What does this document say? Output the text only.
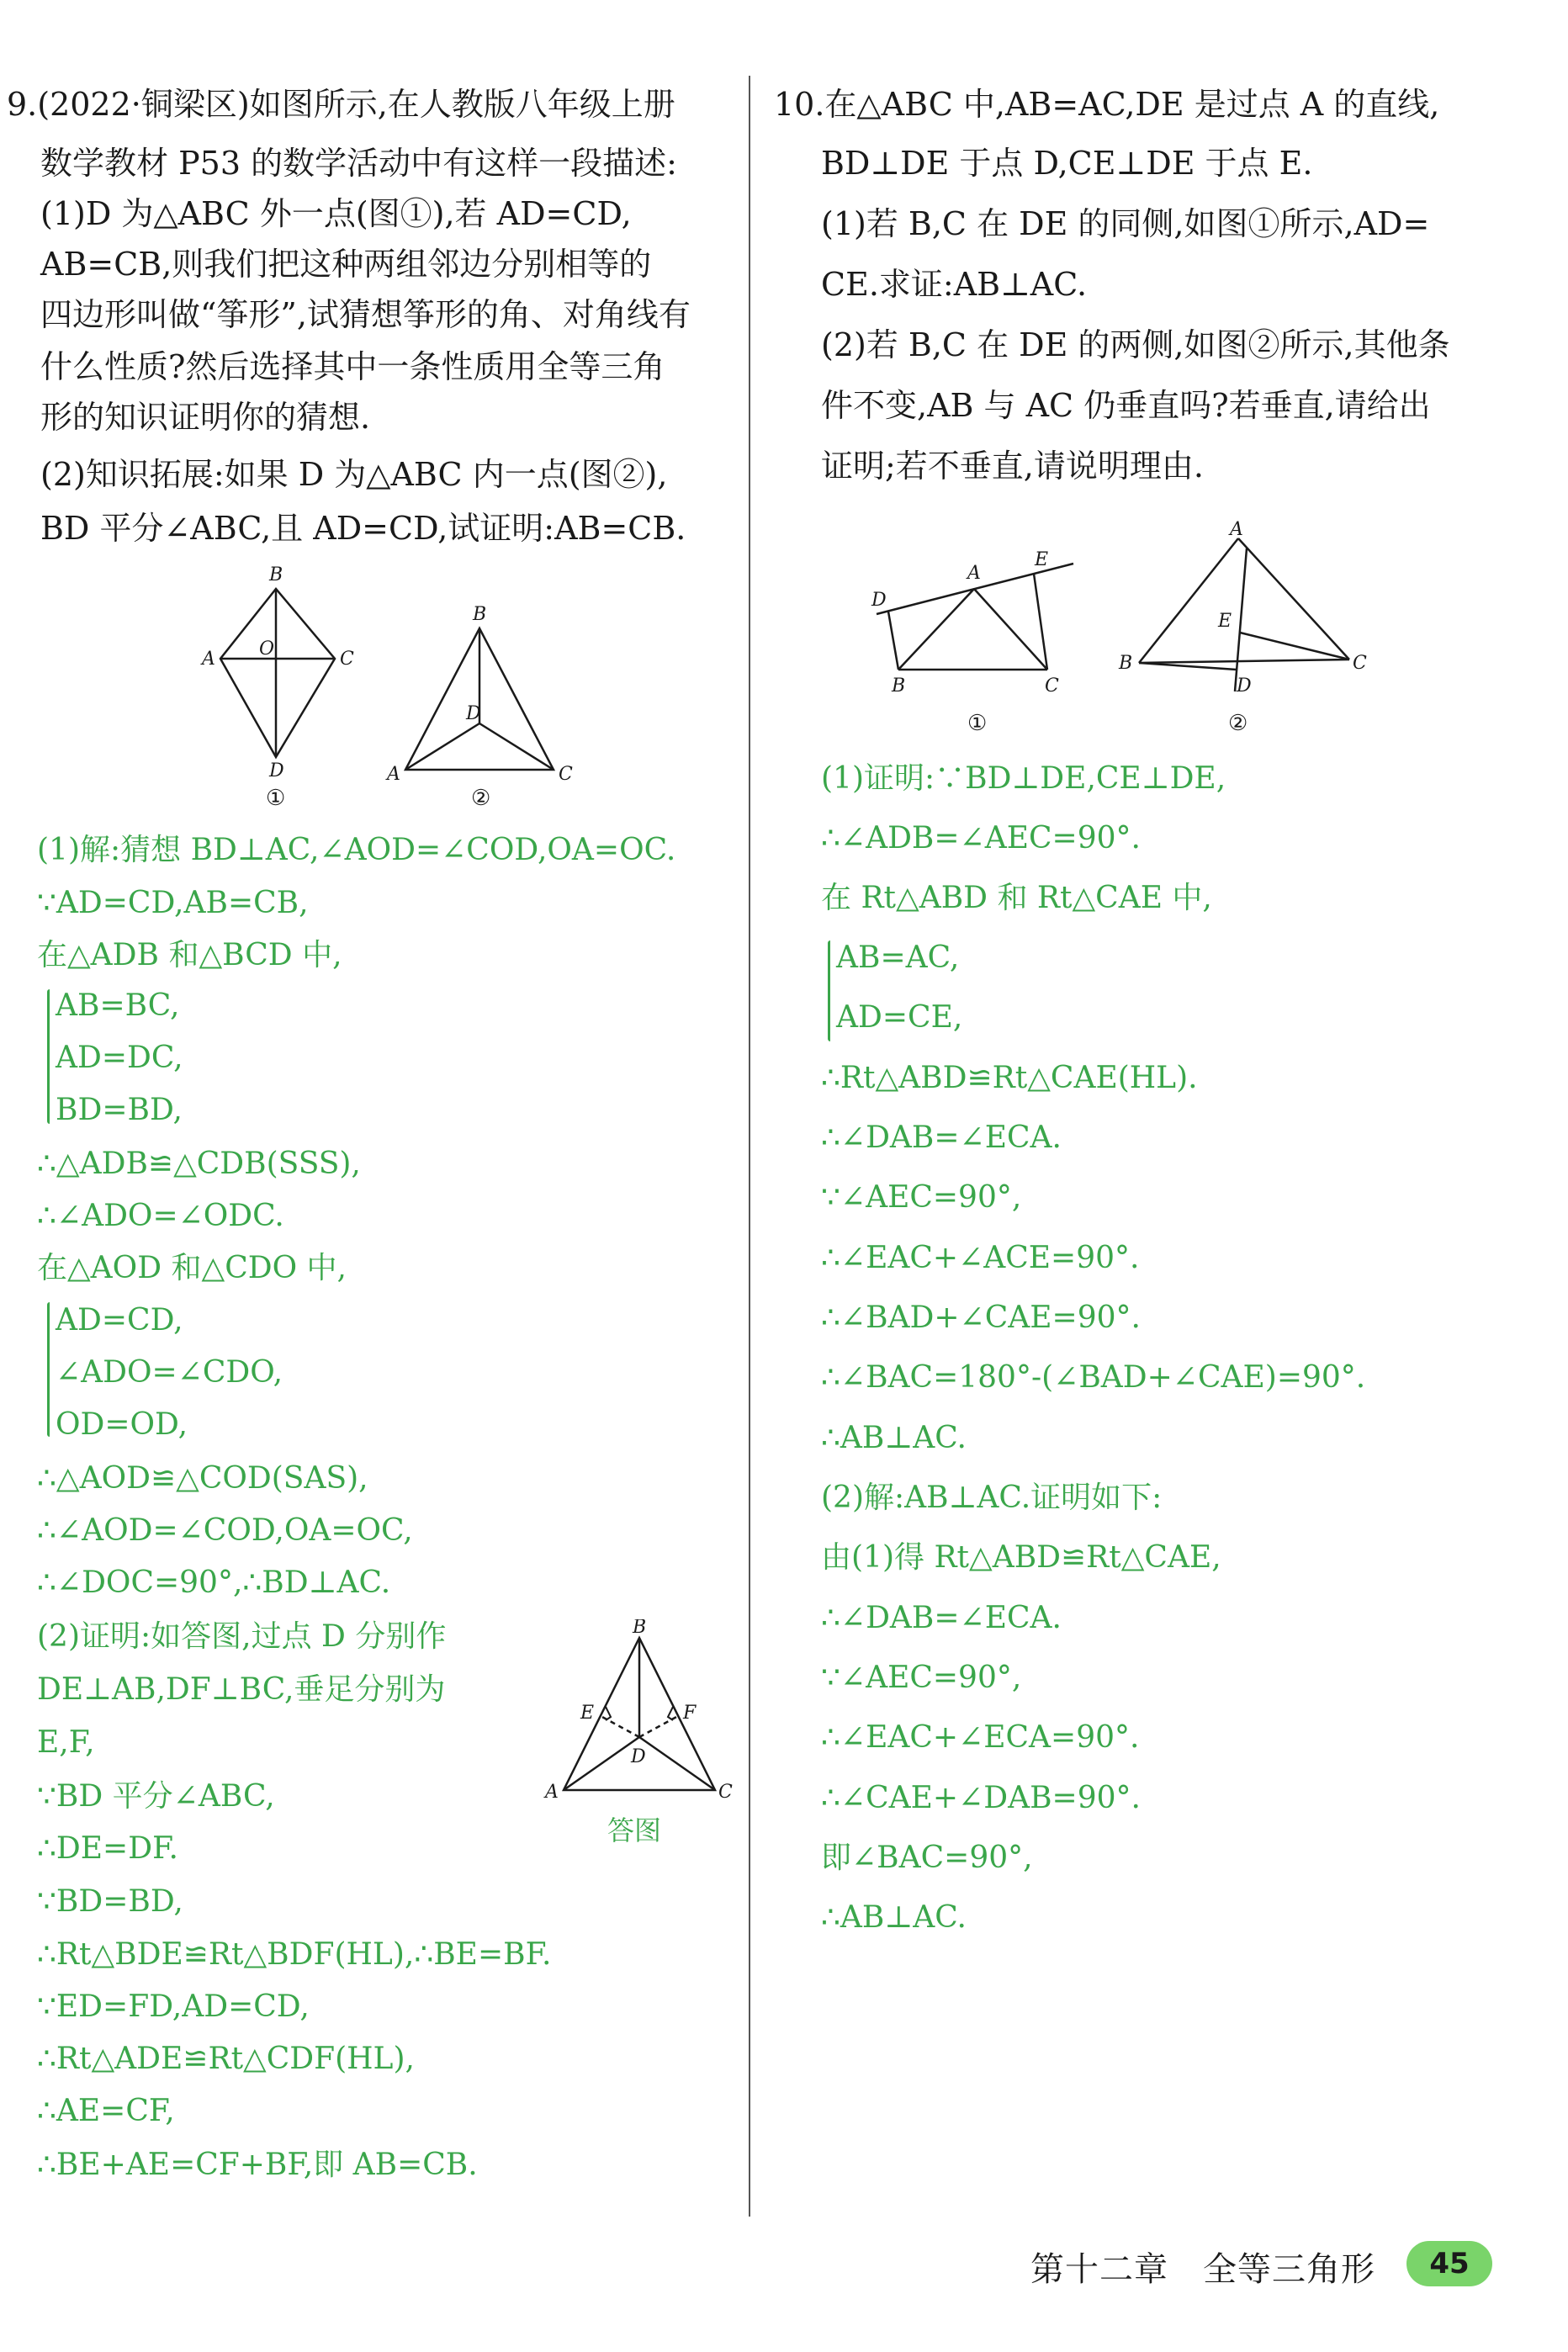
9.(2022·铜梁区)如图所示,在人教版八年级上册
数学教材 P53 的数学活动中有这样一段描述:
(1)D 为△ABC 外一点(图①),若 AD=CD,
AB=CB,则我们把这种两组邻边分别相等的
四边形叫做“筝形”,试猜想筝形的角、对角线有
什么性质?然后选择其中一条性质用全等三角
形的知识证明你的猜想.
(2)知识拓展:如果 D 为△ABC 内一点(图②),
BD 平分∠ABC,且 AD=CD,试证明:AB=CB.
B
A	C
O
D
①
B
D
A	C
②
(1)解:猜想 BD⊥AC,∠AOD=∠COD,OA=OC.
∵AD=CD,AB=CB,
在△ADB 和△BCD 中,
AB=BC,
AD=DC,
BD=BD,
∴△ADB≌△CDB(SSS),
∴∠ADO=∠ODC.
在△AOD 和△CDO 中,
AD=CD,
∠ADO=∠CDO,
OD=OD,
∴△AOD≌△COD(SAS),
∴∠AOD=∠COD,OA=OC,
∴∠DOC=90°,∴BD⊥AC.
(2)证明:如答图,过点 D 分别作
DE⊥AB,DF⊥BC,垂足分别为
E,F,
∵BD 平分∠ABC,
∴DE=DF.
∵BD=BD,
∴Rt△BDE≌Rt△BDF(HL),∴BE=BF.
∵ED=FD,AD=CD,
∴Rt△ADE≌Rt△CDF(HL),
∴AE=CF,
∴BE+AE=CF+BF,即 AB=CB.
B
E	F
D
A	C
答图
10.在△ABC 中,AB=AC,DE 是过点 A 的直线,
BD⊥DE 于点 D,CE⊥DE 于点 E.
(1)若 B,C 在 DE 的同侧,如图①所示,AD=
CE.求证:AB⊥AC.
(2)若 B,C 在 DE 的两侧,如图②所示,其他条
件不变,AB 与 AC 仍垂直吗?若垂直,请给出
证明;若不垂直,请说明理由.
D
A
E
B	C
①
A
E
B	C
D
②
(1)证明:∵BD⊥DE,CE⊥DE,
∴∠ADB=∠AEC=90°.
在 Rt△ABD 和 Rt△CAE 中,
AB=AC,
AD=CE,
∴Rt△ABD≌Rt△CAE(HL).
∴∠DAB=∠ECA.
∵∠AEC=90°,
∴∠EAC+∠ACE=90°.
∴∠BAD+∠CAE=90°.
∴∠BAC=180°-(∠BAD+∠CAE)=90°.
∴AB⊥AC.
(2)解:AB⊥AC.证明如下:
由(1)得 Rt△ABD≌Rt△CAE,
∴∠DAB=∠ECA.
∵∠AEC=90°,
∴∠EAC+∠ECA=90°.
∴∠CAE+∠DAB=90°.
即∠BAC=90°,
∴AB⊥AC.
第十二章　全等三角形	45
